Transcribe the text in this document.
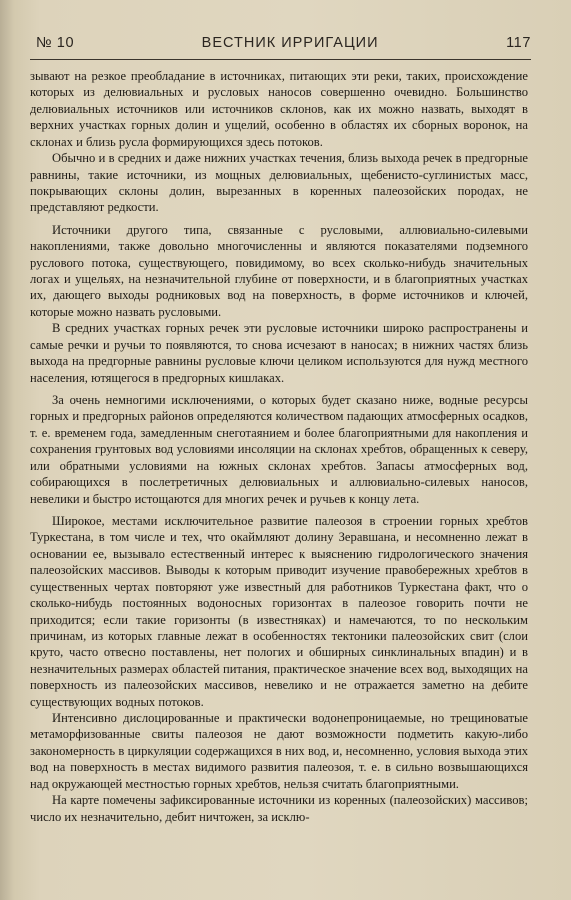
№ 10	ВЕСТНИК ИРРИГАЦИИ	117

зывают на резкое преобладание в источниках, питающих эти реки, таких, происхождение которых из делювиальных и русловых наносов совершенно очевидно. Большинство делювиальных источников или источников склонов, как их можно назвать, выходят в верхних участках горных долин и ущелий, особенно в областях их сборных воронок, на склонах и близь русла формирующихся здесь потоков.

Обычно и в средних и даже нижних участках течения, близь выхода речек в предгорные равнины, такие источники, из мощных делювиальных, щебенисто-суглинистых масс, покрывающих склоны долин, вырезанных в коренных палеозойских породах, не представляют редкости.

Источники другого типа, связанные с русловыми, аллювиально-силевыми накоплениями, также довольно многочисленны и являются показателями подземного руслового потока, существующего, повидимому, во всех сколько-нибудь значительных логах и ущельях, на незначительной глубине от поверхности, и в благоприятных участках их, дающего выходы родниковых вод на поверхность, в форме источников и ключей, которые можно назвать русловыми.

В средних участках горных речек эти русловые источники широко распространены и самые речки и ручьи то появляются, то снова исчезают в наносах; в нижних частях близь выхода на предгорные равнины русловые ключи целиком используются для нужд местного населения, ютящегося в предгорных кишлаках.

За очень немногими исключениями, о которых будет сказано ниже, водные ресурсы горных и предгорных районов определяются количеством падающих атмосферных осадков, т. е. временем года, замедленным снеготаянием и более благоприятными для накопления и сохранения грунтовых вод условиями инсоляции на склонах хребтов, обращенных к северу, или обратными условиями на южных склонах хребтов. Запасы атмосферных вод, собирающихся в послетретичных делювиальных и аллювиально-силевых наносов, невелики и быстро истощаются для многих речек и ручьев к концу лета.

Широкое, местами исключительное развитие палеозоя в строении горных хребтов Туркестана, в том числе и тех, что окаймляют долину Зеравшана, и несомненно лежат в основании ее, вызывало естественный интерес к выяснению гидрологического значения палеозойских массивов. Выводы к которым приводит изучение правобережных хребтов в существенных чертах повторяют уже известный для работников Туркестана факт, что о сколько-нибудь постоянных водоносных горизонтах в палеозое говорить почти не приходится; если такие горизонты (в известняках) и намечаются, то по нескольким причинам, из которых главные лежат в особенностях тектоники палеозойских свит (слои круто, часто отвесно поставлены, нет пологих и обширных синклинальных впадин) и в незначительных размерах областей питания, практическое значение всех вод, выходящих на поверхность из палеозойских массивов, невелико и не отражается заметно на дебите существующих водных потоков.

Интенсивно дислоцированные и практически водонепроницаемые, но трещиноватые метаморфизованные свиты палеозоя не дают возможности подметить какую-либо закономерность в циркуляции содержащихся в них вод, и, несомненно, условия выхода этих вод на поверхность в местах видимого развития палеозоя, т. е. в сильно возвышающихся над окружающей местностью горных хребтов, нельзя считать благоприятными.

На карте помечены зафиксированные источники из коренных (палеозойских) массивов; число их незначительно, дебит ничтожен, за исклю-
